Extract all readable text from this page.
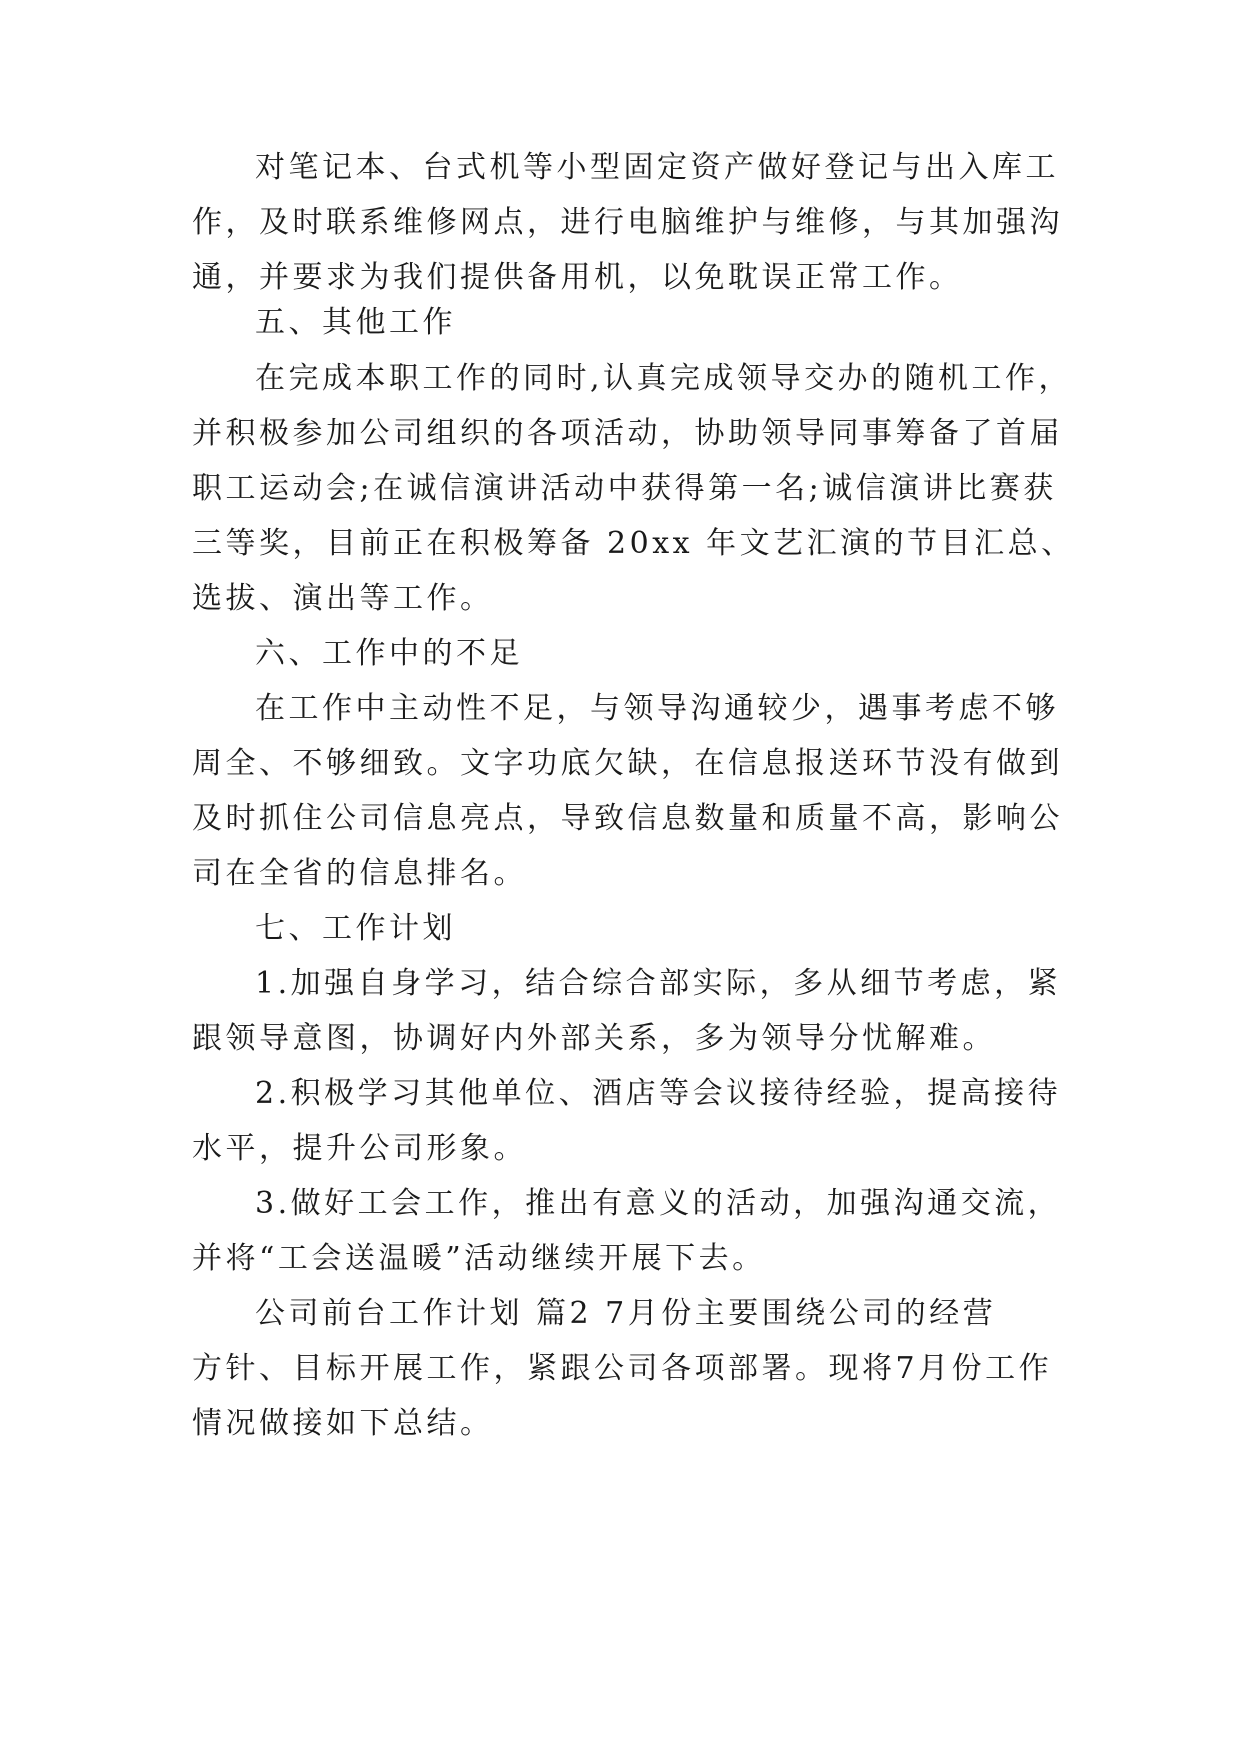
对笔记本、台式机等小型固定资产做好登记与出入库工
作，及时联系维修网点，进行电脑维护与维修，与其加强沟
通，并要求为我们提供备用机，以免耽误正常工作。
五、其他工作
在完成本职工作的同时,认真完成领导交办的随机工作，
并积极参加公司组织的各项活动，协助领导同事筹备了首届
职工运动会;在诚信演讲活动中获得第一名;诚信演讲比赛获
三等奖，目前正在积极筹备 20xx 年文艺汇演的节目汇总、
选拔、演出等工作。
六、工作中的不足
在工作中主动性不足，与领导沟通较少，遇事考虑不够
周全、不够细致。文字功底欠缺，在信息报送环节没有做到
及时抓住公司信息亮点，导致信息数量和质量不高，影响公
司在全省的信息排名。
七、工作计划
1.加强自身学习，结合综合部实际，多从细节考虑，紧
跟领导意图，协调好内外部关系，多为领导分忧解难。
2.积极学习其他单位、酒店等会议接待经验，提高接待
水平，提升公司形象。
3.做好工会工作，推出有意义的活动，加强沟通交流，
并将“工会送温暖”活动继续开展下去。
公司前台工作计划 篇2 7月份主要围绕公司的经营
方针、目标开展工作，紧跟公司各项部署。现将7月份工作
情况做接如下总结。
